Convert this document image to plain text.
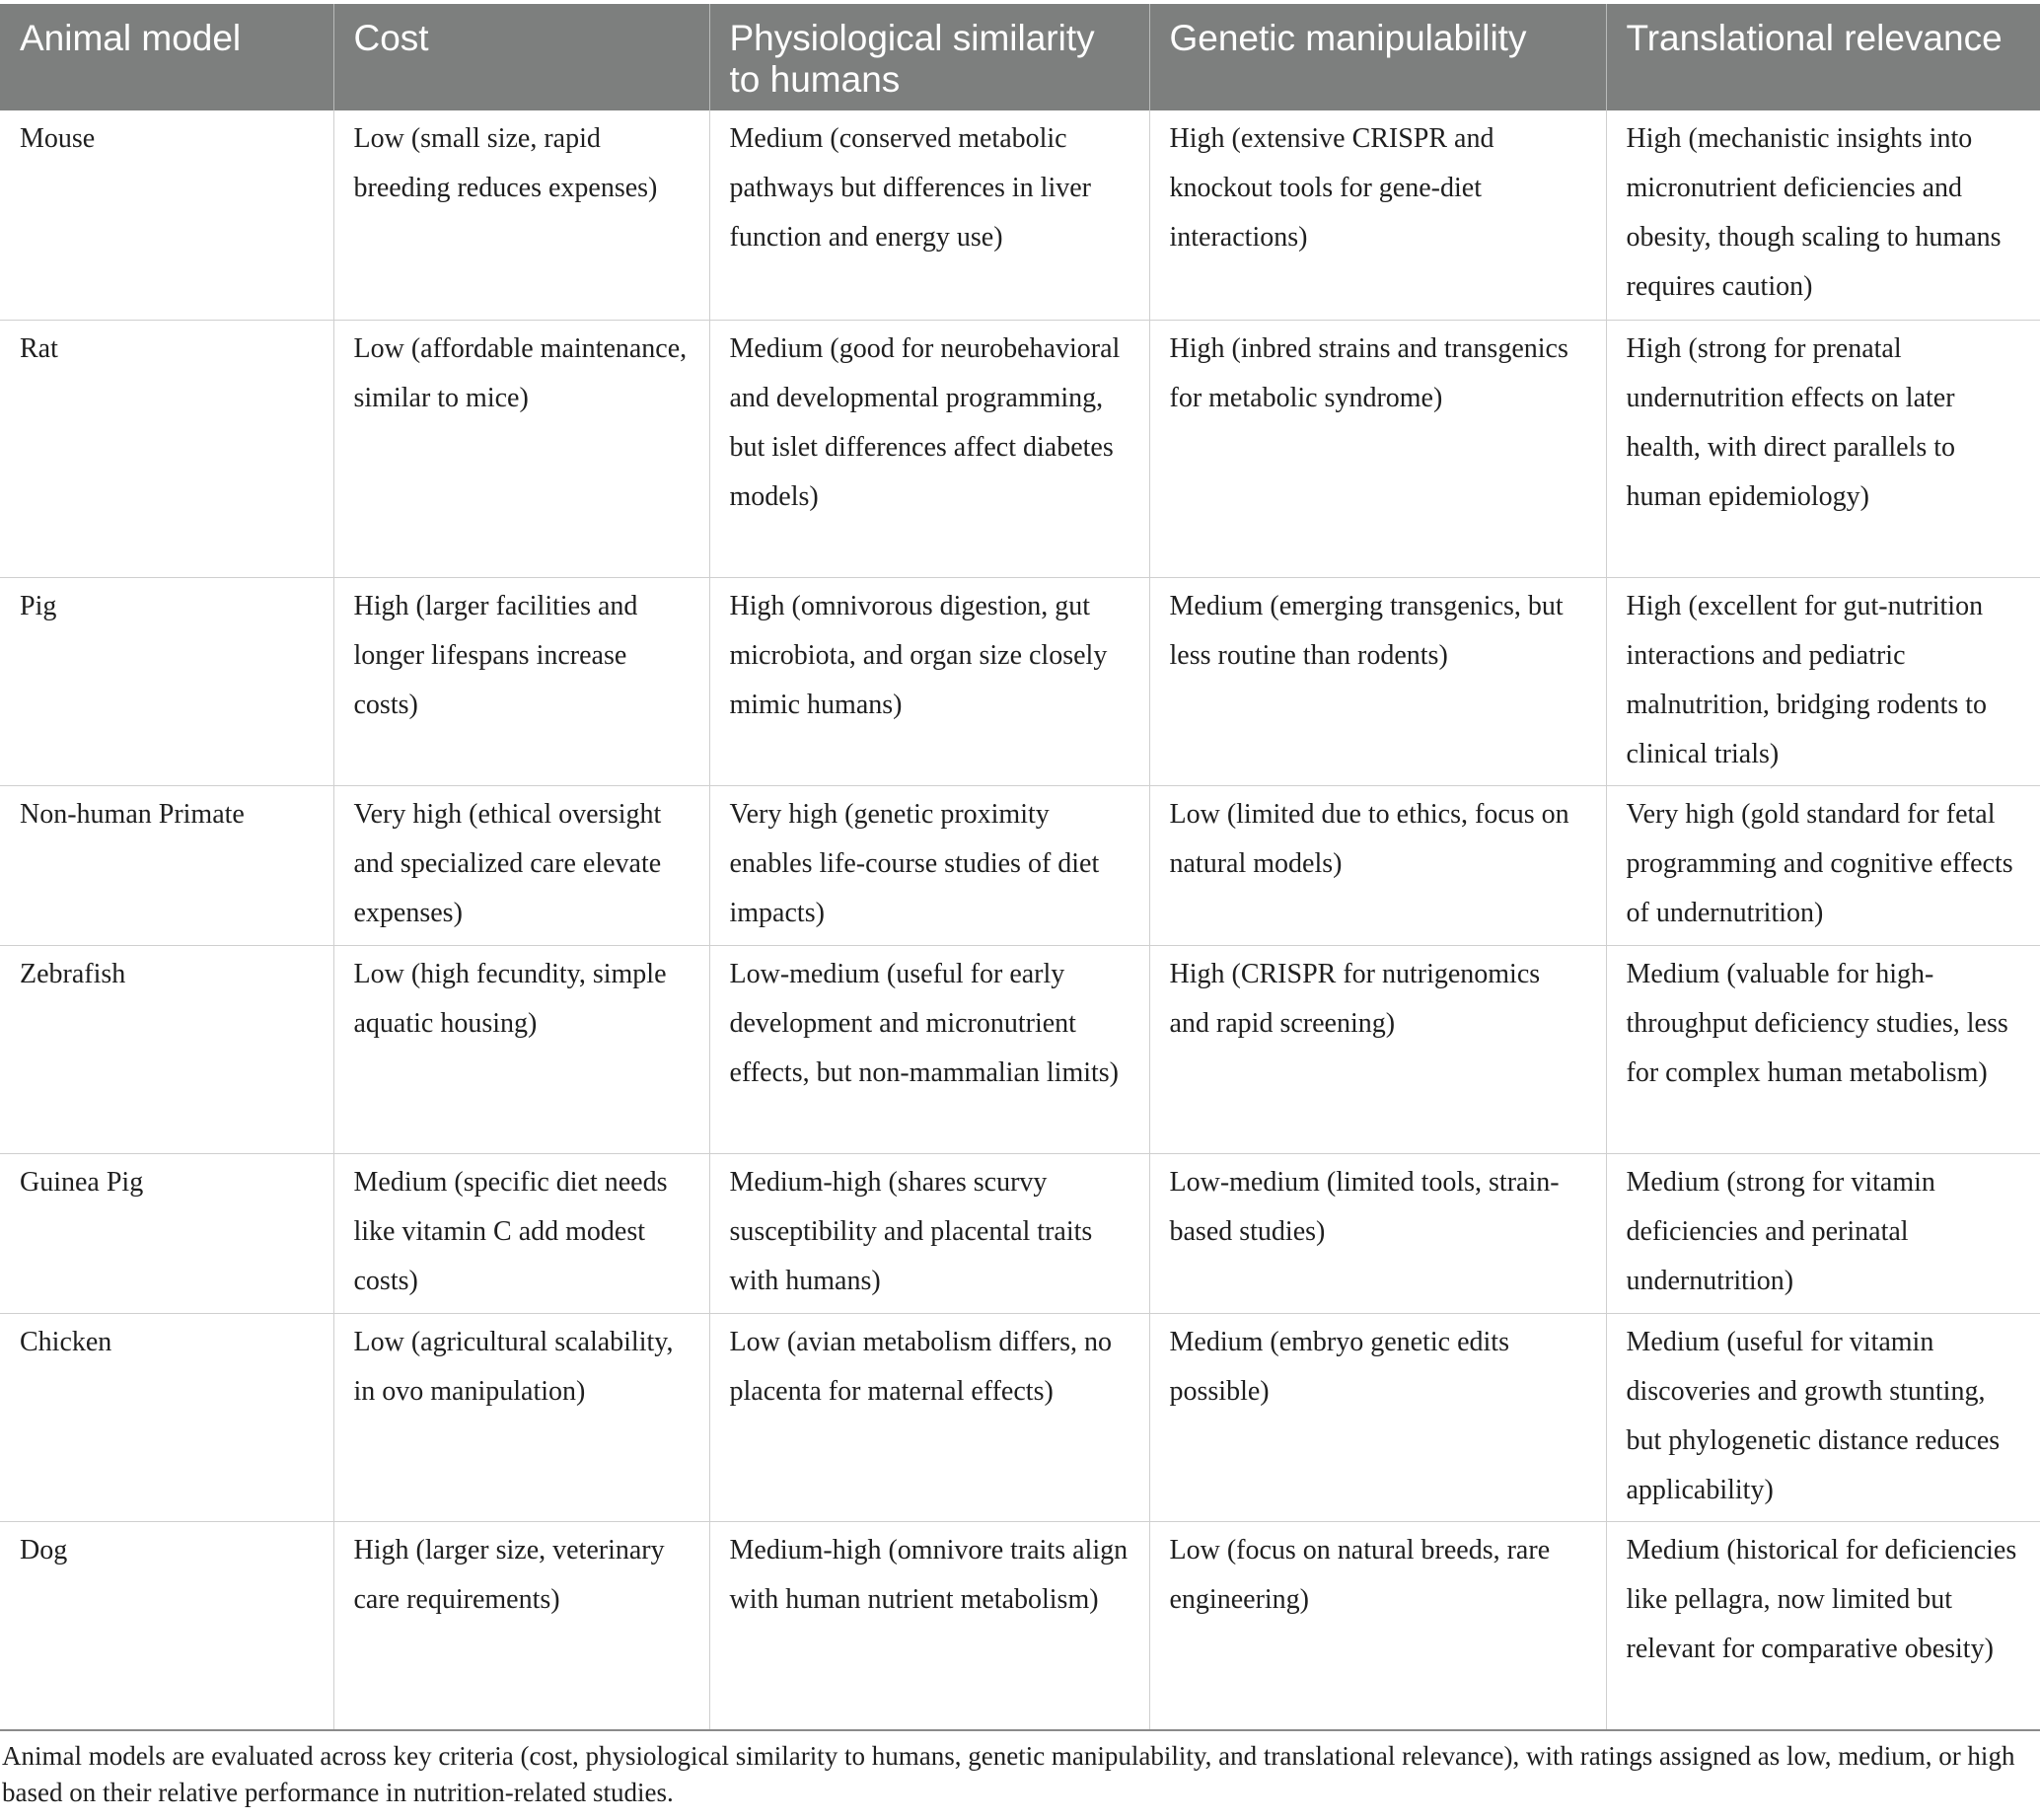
Animal model	Cost	Physiological similarity to humans	Genetic manipulability	Translational relevance
Mouse	Low (small size, rapid breeding reduces expenses)	Medium (conserved metabolic pathways but differences in liver function and energy use)	High (extensive CRISPR and knockout tools for gene-diet interactions)	High (mechanistic insights into micronutrient deficiencies and obesity, though scaling to humans requires caution)
Rat	Low (affordable maintenance, similar to mice)	Medium (good for neurobehavioral and developmental programming, but islet differences affect diabetes models)	High (inbred strains and transgenics for metabolic syndrome)	High (strong for prenatal undernutrition effects on later health, with direct parallels to human epidemiology)
Pig	High (larger facilities and longer lifespans increase costs)	High (omnivorous digestion, gut microbiota, and organ size closely mimic humans)	Medium (emerging transgenics, but less routine than rodents)	High (excellent for gut-nutrition interactions and pediatric malnutrition, bridging rodents to clinical trials)
Non-human Primate	Very high (ethical oversight and specialized care elevate expenses)	Very high (genetic proximity enables life-course studies of diet impacts)	Low (limited due to ethics, focus on natural models)	Very high (gold standard for fetal programming and cognitive effects of undernutrition)
Zebrafish	Low (high fecundity, simple aquatic housing)	Low-medium (useful for early development and micronutrient effects, but non-mammalian limits)	High (CRISPR for nutrigenomics and rapid screening)	Medium (valuable for high-throughput deficiency studies, less for complex human metabolism)
Guinea Pig	Medium (specific diet needs like vitamin C add modest costs)	Medium-high (shares scurvy susceptibility and placental traits with humans)	Low-medium (limited tools, strain-based studies)	Medium (strong for vitamin deficiencies and perinatal undernutrition)
Chicken	Low (agricultural scalability, in ovo manipulation)	Low (avian metabolism differs, no placenta for maternal effects)	Medium (embryo genetic edits possible)	Medium (useful for vitamin discoveries and growth stunting, but phylogenetic distance reduces applicability)
Dog	High (larger size, veterinary care requirements)	Medium-high (omnivore traits align with human nutrient metabolism)	Low (focus on natural breeds, rare engineering)	Medium (historical for deficiencies like pellagra, now limited but relevant for comparative obesity)
Animal models are evaluated across key criteria (cost, physiological similarity to humans, genetic manipulability, and translational relevance), with ratings assigned as low, medium, or high based on their relative performance in nutrition-related studies.
